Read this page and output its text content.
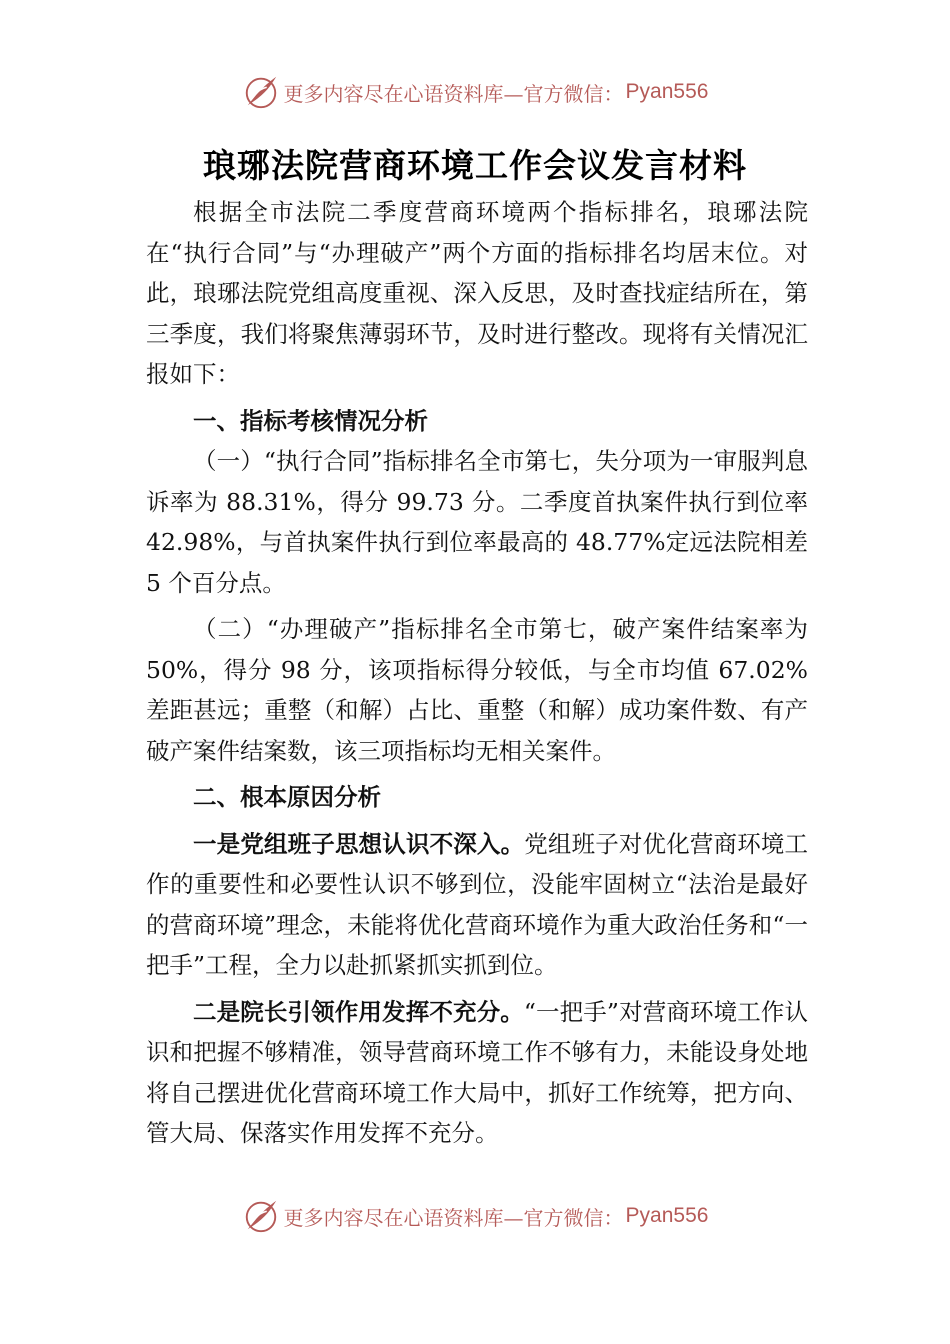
更多内容尽在心语资料库—官方微信： Pyan556
琅琊法院营商环境工作会议发言材料

根据全市法院二季度营商环境两个指标排名，琅琊法院在“执行合同”与“办理破产”两个方面的指标排名均居末位。对此，琅琊法院党组高度重视、深入反思，及时查找症结所在，第三季度，我们将聚焦薄弱环节，及时进行整改。现将有关情况汇报如下：

一、指标考核情况分析

（一）“执行合同”指标排名全市第七，失分项为一审服判息诉率为 88.31%，得分 99.73 分。二季度首执案件执行到位率 42.98%，与首执案件执行到位率最高的 48.77%定远法院相差 5 个百分点。

（二）“办理破产”指标排名全市第七，破产案件结案率为 50%，得分 98 分，该项指标得分较低，与全市均值 67.02%差距甚远；重整（和解）占比、重整（和解）成功案件数、有产破产案件结案数，该三项指标均无相关案件。

二、根本原因分析

一是党组班子思想认识不深入。党组班子对优化营商环境工作的重要性和必要性认识不够到位，没能牢固树立“法治是最好的营商环境”理念，未能将优化营商环境作为重大政治任务和“一把手”工程，全力以赴抓紧抓实抓到位。

二是院长引领作用发挥不充分。“一把手”对营商环境工作认识和把握不够精准，领导营商环境工作不够有力，未能设身处地将自己摆进优化营商环境工作大局中，抓好工作统筹，把方向、管大局、保落实作用发挥不充分。

更多内容尽在心语资料库—官方微信： Pyan556
